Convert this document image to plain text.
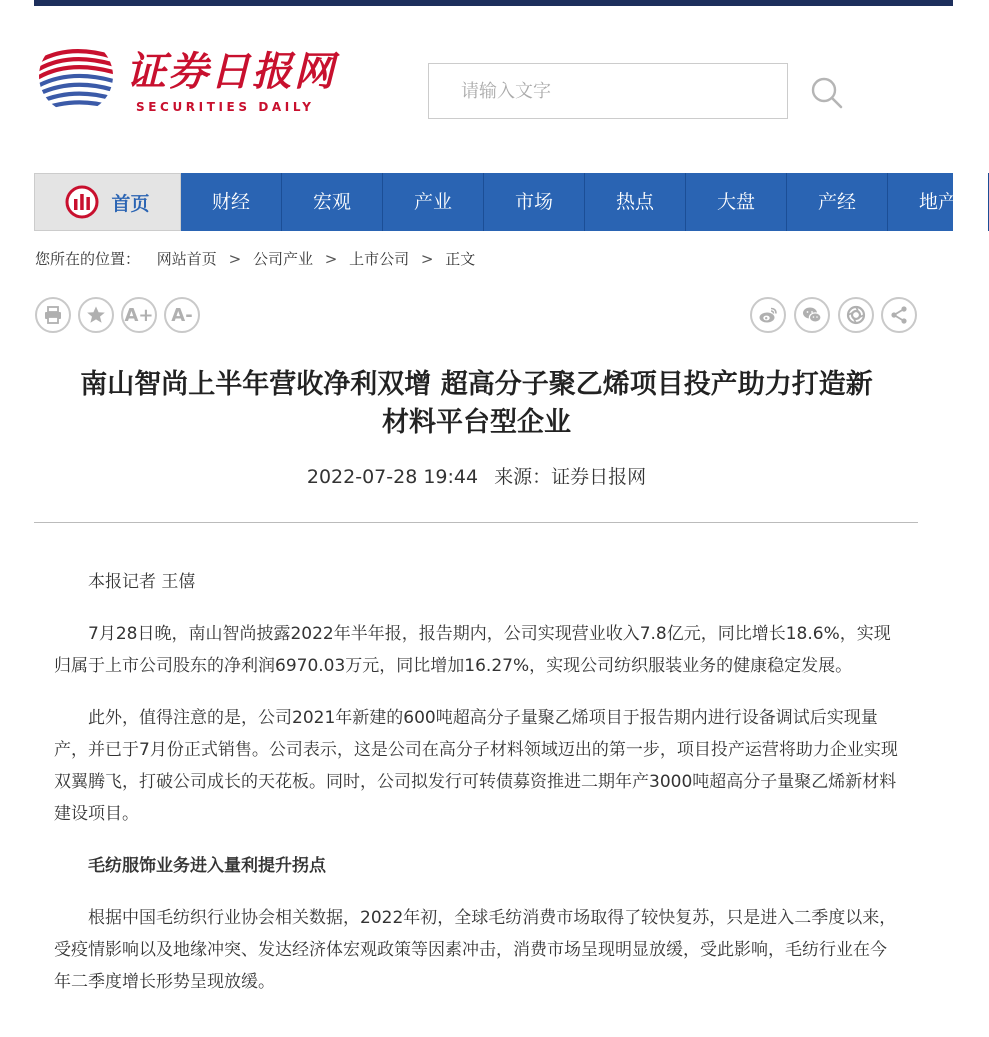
证券日报网
SECURITIES DAILY
请输入文字
首页	财经	宏观	产业	市场	热点	大盘	产经	地产
您所在的位置： 网站首页 > 公司产业 > 上市公司 > 正文
A+ A-
南山智尚上半年营收净利双增 超高分子聚乙烯项目投产助力打造新
材料平台型企业
2022-07-28 19:44 来源：证券日报网

本报记者 王僖

7月28日晚，南山智尚披露2022年半年报，报告期内，公司实现营业收入7.8亿元，同比增长18.6%，实现归属于上市公司股东的净利润6970.03万元，同比增加16.27%，实现公司纺织服装业务的健康稳定发展。

此外，值得注意的是，公司2021年新建的600吨超高分子量聚乙烯项目于报告期内进行设备调试后实现量产，并已于7月份正式销售。公司表示，这是公司在高分子材料领域迈出的第一步，项目投产运营将助力企业实现双翼腾飞，打破公司成长的天花板。同时，公司拟发行可转债募资推进二期年产3000吨超高分子量聚乙烯新材料建设项目。

毛纺服饰业务进入量利提升拐点

根据中国毛纺织行业协会相关数据，2022年初，全球毛纺消费市场取得了较快复苏，只是进入二季度以来，受疫情影响以及地缘冲突、发达经济体宏观政策等因素冲击，消费市场呈现明显放缓，受此影响，毛纺行业在今年二季度增长形势呈现放缓。
